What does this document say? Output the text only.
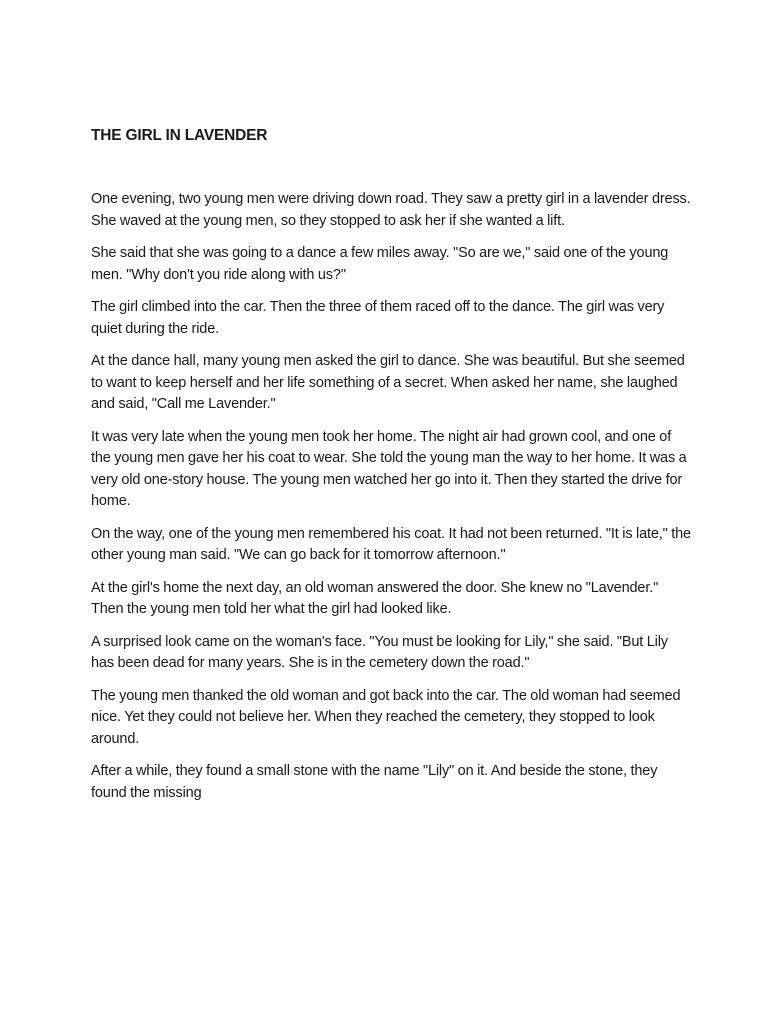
THE GIRL IN LAVENDER

One evening, two young men were driving down road. They saw a pretty girl in a lavender dress. She waved at the young men, so they stopped to ask her if she wanted a lift.

She said that she was going to a dance a few miles away. "So are we," said one of the young men. "Why don't you ride along with us?"

The girl climbed into the car. Then the three of them raced off to the dance. The girl was very quiet during the ride.

At the dance hall, many young men asked the girl to dance. She was beautiful. But she seemed to want to keep herself and her life something of a secret. When asked her name, she laughed and said, "Call me Lavender."

It was very late when the young men took her home. The night air had grown cool, and one of the young men gave her his coat to wear. She told the young man the way to her home. It was a very old one-story house. The young men watched her go into it. Then they started the drive for home.

On the way, one of the young men remembered his coat. It had not been returned. "It is late," the other young man said. "We can go back for it tomorrow afternoon."

At the girl's home the next day, an old woman answered the door. She knew no "Lavender." Then the young men told her what the girl had looked like.

A surprised look came on the woman's face. "You must be looking for Lily," she said. "But Lily has been dead for many years. She is in the cemetery down the road."

The young men thanked the old woman and got back into the car. The old woman had seemed nice. Yet they could not believe her. When they reached the cemetery, they stopped to look around.

After a while, they found a small stone with the name "Lily" on it. And beside the stone, they found the missing
